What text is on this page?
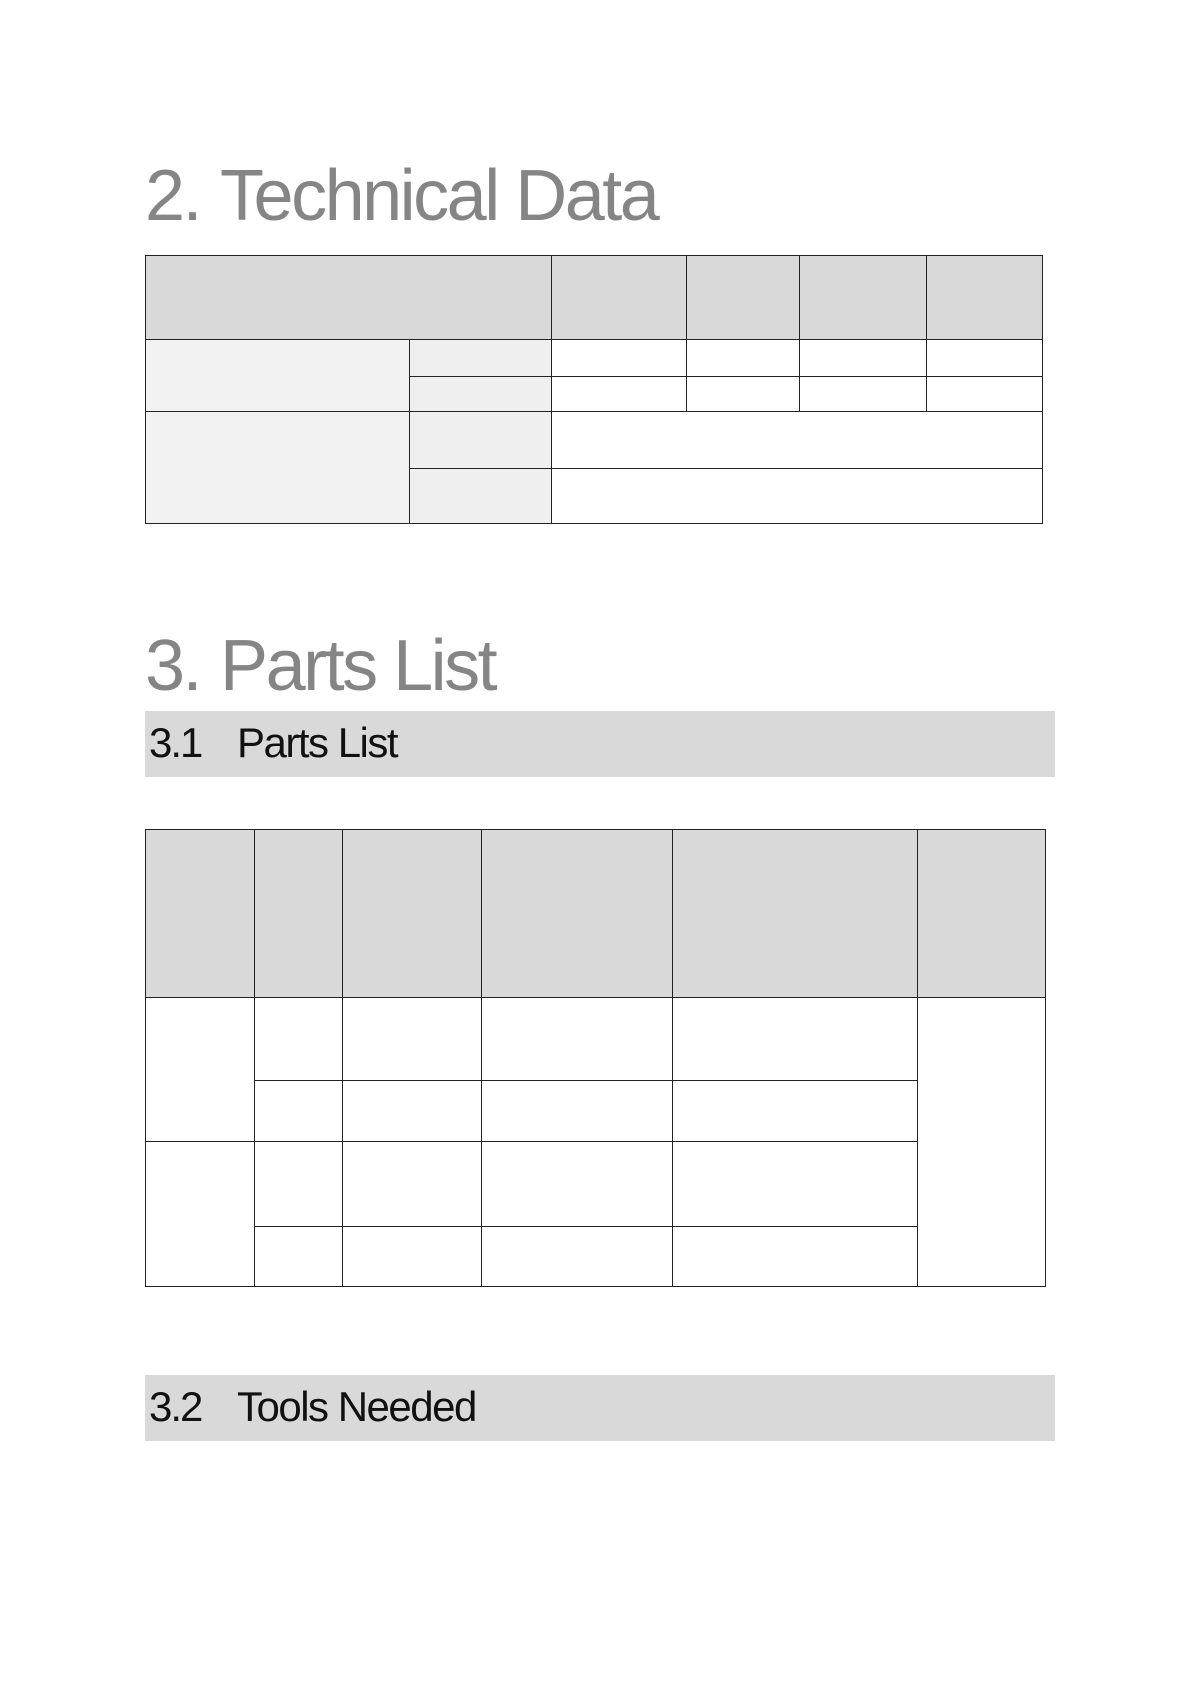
2. Technical Data

3. Parts List
3.1 Parts List

3.2 Tools Needed
